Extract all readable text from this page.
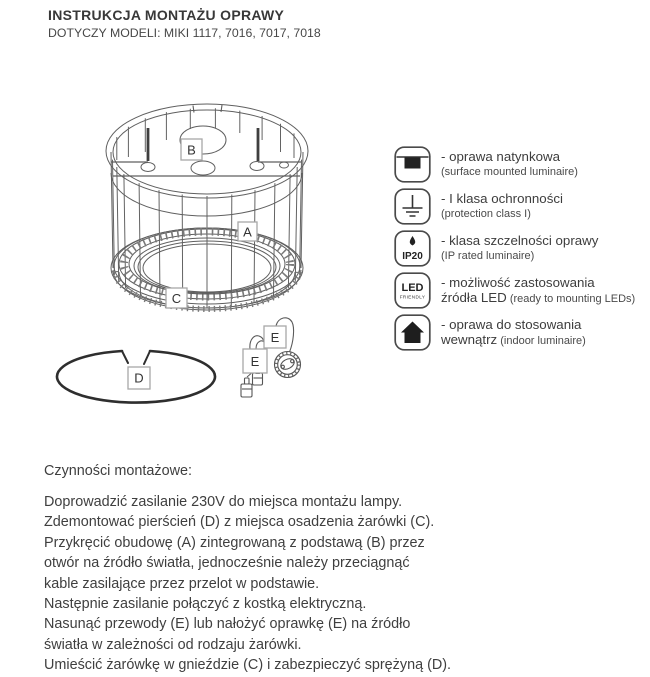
INSTRUKCJA MONTAŻU OPRAWY
DOTYCZY MODELI: MIKI 1117, 7016, 7017, 7018
B
A
C
D
E
E
- oprawa natynkowa
(surface mounted luminaire)
- I klasa ochronności
(protection class I)
IP20
- klasa szczelności oprawy
(IP rated luminaire)
LED
FRIENDLY
- możliwość zastosowania
źródła LED (ready to mounting LEDs)
- oprawa do stosowania
wewnątrz (indoor luminaire)
Czynności montażowe:
Doprowadzić zasilanie 230V do miejsca montażu lampy.
Zdemontować pierścień (D) z miejsca osadzenia żarówki (C).
Przykręcić obudowę (A) zintegrowaną z podstawą (B) przez
otwór na źródło światła, jednocześnie należy przeciągnąć
kable zasilające przez przelot w podstawie.
Następnie zasilanie połączyć z kostką elektryczną.
Nasunąć przewody (E) lub nałożyć oprawkę (E) na źródło
światła w zależności od rodzaju żarówki.
Umieścić żarówkę w gnieździe (C) i zabezpieczyć sprężyną (D).
